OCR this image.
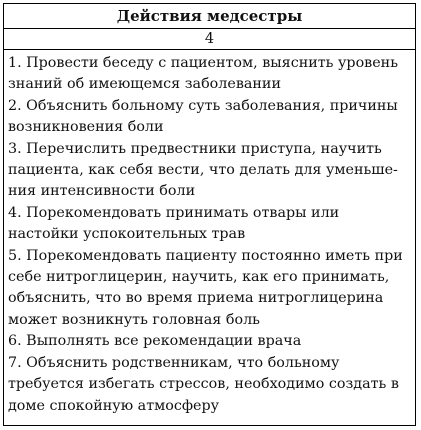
Действия медсестры
4
1. Провести беседу с пациентом, выяснить уровень
знаний об имеющемся заболевании
2. Объяснить больному суть заболевания, причины
возникновения боли
3. Перечислить предвестники приступа, научить
пациента, как себя вести, что делать для уменьше-
ния интенсивности боли
4. Порекомендовать принимать отвары или
настойки успокоительных трав
5. Порекомендовать пациенту постоянно иметь при
себе нитроглицерин, научить, как его принимать,
объяснить, что во время приема нитроглицерина
может возникнуть головная боль
6. Выполнять все рекомендации врача
7. Объяснить родственникам, что больному
требуется избегать стрессов, необходимо создать в
доме спокойную атмосферу
